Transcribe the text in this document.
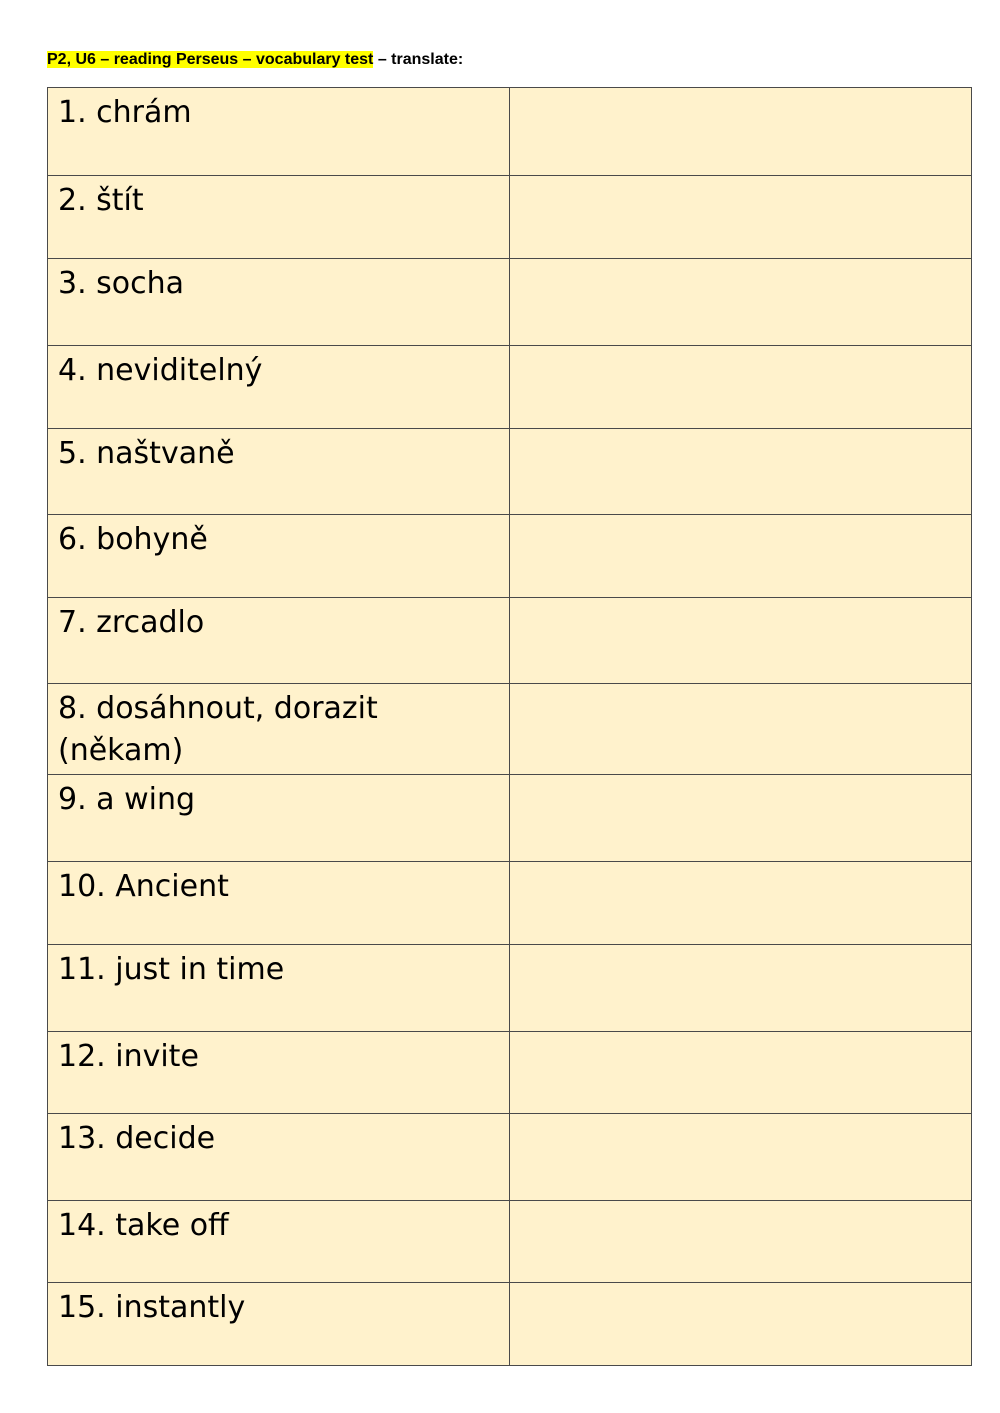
P2, U6 – reading Perseus – vocabulary test – translate:
1. chrám	
2. štít	
3. socha	
4. neviditelný	
5. naštvaně	
6. bohyně	
7. zrcadlo	
8. dosáhnout, dorazit (někam)	
9. a wing	
10. Ancient	
11. just in time	
12. invite	
13. decide	
14. take off	
15. instantly	
